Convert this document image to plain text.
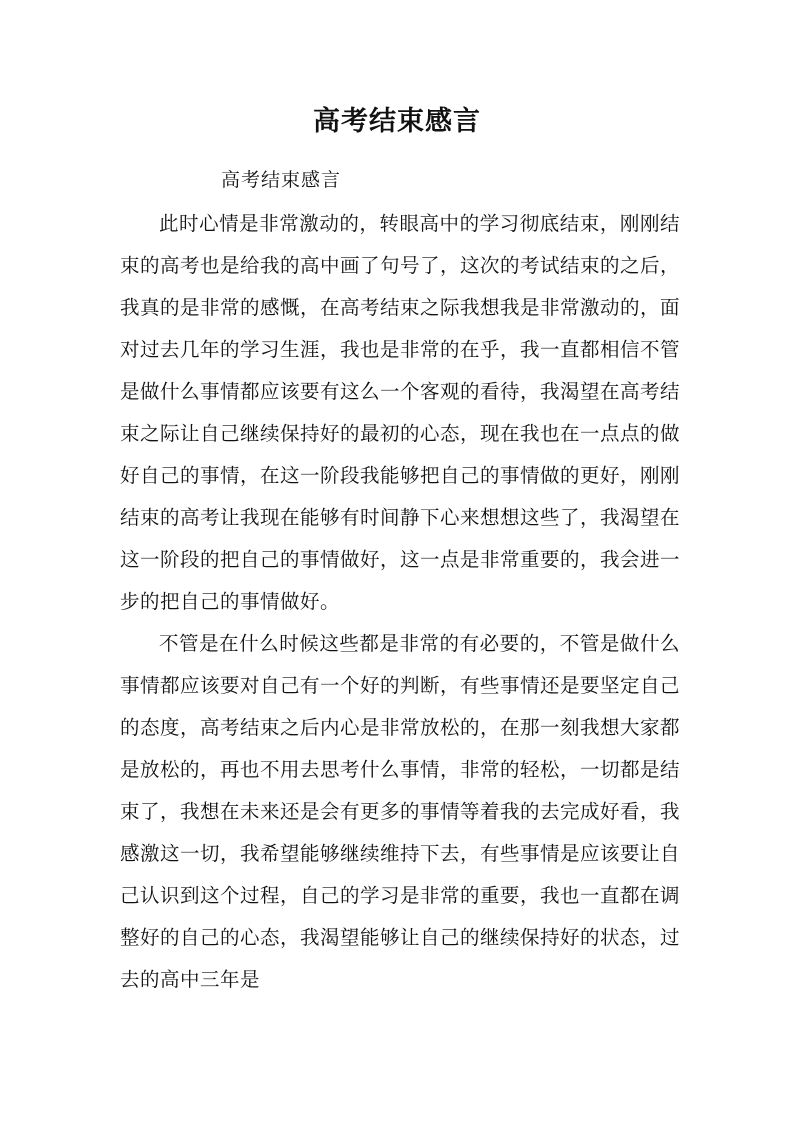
高考结束感言

高考结束感言

此时心情是非常激动的，转眼高中的学习彻底结束，刚刚结束的高考也是给我的高中画了句号了，这次的考试结束的之后，我真的是非常的感慨，在高考结束之际我想我是非常激动的，面对过去几年的学习生涯，我也是非常的在乎，我一直都相信不管是做什么事情都应该要有这么一个客观的看待，我渴望在高考结束之际让自己继续保持好的最初的心态，现在我也在一点点的做好自己的事情，在这一阶段我能够把自己的事情做的更好，刚刚结束的高考让我现在能够有时间静下心来想想这些了，我渴望在这一阶段的把自己的事情做好，这一点是非常重要的，我会进一步的把自己的事情做好。

不管是在什么时候这些都是非常的有必要的，不管是做什么事情都应该要对自己有一个好的判断，有些事情还是要坚定自己的态度，高考结束之后内心是非常放松的，在那一刻我想大家都是放松的，再也不用去思考什么事情，非常的轻松，一切都是结束了，我想在未来还是会有更多的事情等着我的去完成好看，我感激这一切，我希望能够继续维持下去，有些事情是应该要让自己认识到这个过程，自己的学习是非常的重要，我也一直都在调整好的自己的心态，我渴望能够让自己的继续保持好的状态，过去的高中三年是
